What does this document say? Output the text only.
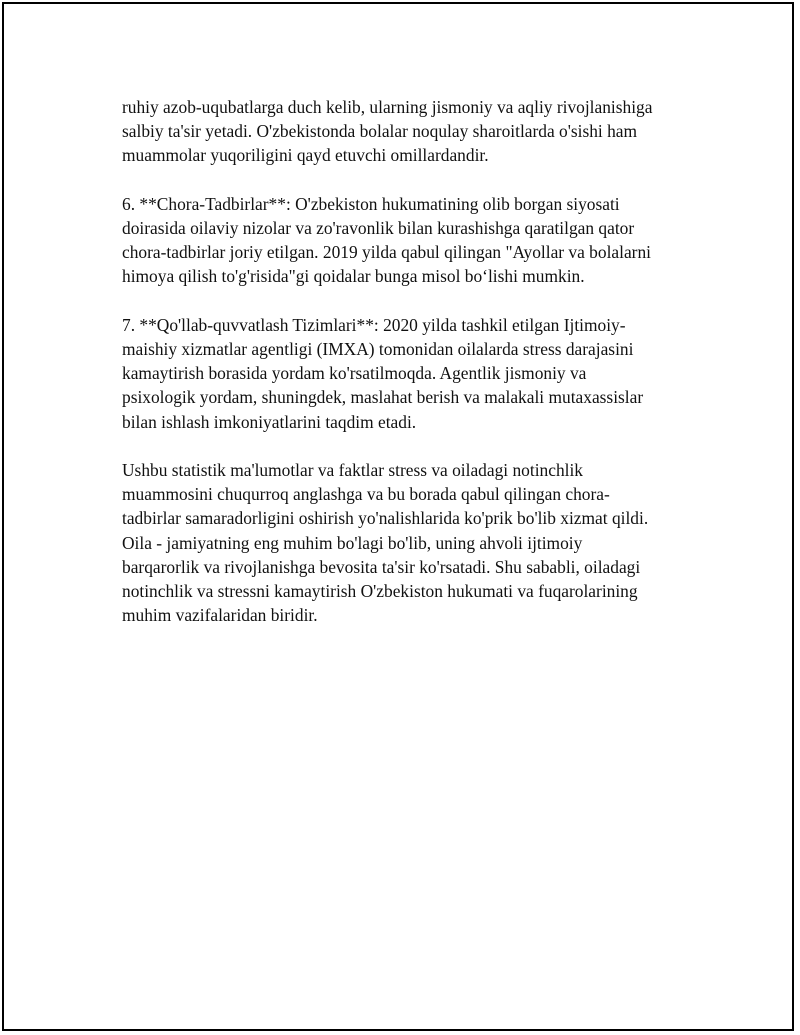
ruhiy azob-uqubatlarga duch kelib, ularning jismoniy va aqliy rivojlanishiga
salbiy ta'sir yetadi. O'zbekistonda bolalar noqulay sharoitlarda o'sishi ham
muammolar yuqoriligini qayd etuvchi omillardandir.

6. **Chora-Tadbirlar**: O'zbekiston hukumatining olib borgan siyosati
doirasida oilaviy nizolar va zo'ravonlik bilan kurashishga qaratilgan qator
chora-tadbirlar joriy etilgan. 2019 yilda qabul qilingan "Ayollar va bolalarni
himoya qilish to'g'risida"gi qoidalar bunga misol bo‘lishi mumkin.

7. **Qo'llab-quvvatlash Tizimlari**: 2020 yilda tashkil etilgan Ijtimoiy-
maishiy xizmatlar agentligi (IMXA) tomonidan oilalarda stress darajasini
kamaytirish borasida yordam ko'rsatilmoqda. Agentlik jismoniy va
psixologik yordam, shuningdek, maslahat berish va malakali mutaxassislar
bilan ishlash imkoniyatlarini taqdim etadi.

Ushbu statistik ma'lumotlar va faktlar stress va oiladagi notinchlik
muammosini chuqurroq anglashga va bu borada qabul qilingan chora-
tadbirlar samaradorligini oshirish yo'nalishlarida ko'prik bo'lib xizmat qildi.
Oila - jamiyatning eng muhim bo'lagi bo'lib, uning ahvoli ijtimoiy
barqarorlik va rivojlanishga bevosita ta'sir ko'rsatadi. Shu sababli, oiladagi
notinchlik va stressni kamaytirish O'zbekiston hukumati va fuqarolarining
muhim vazifalaridan biridir.
